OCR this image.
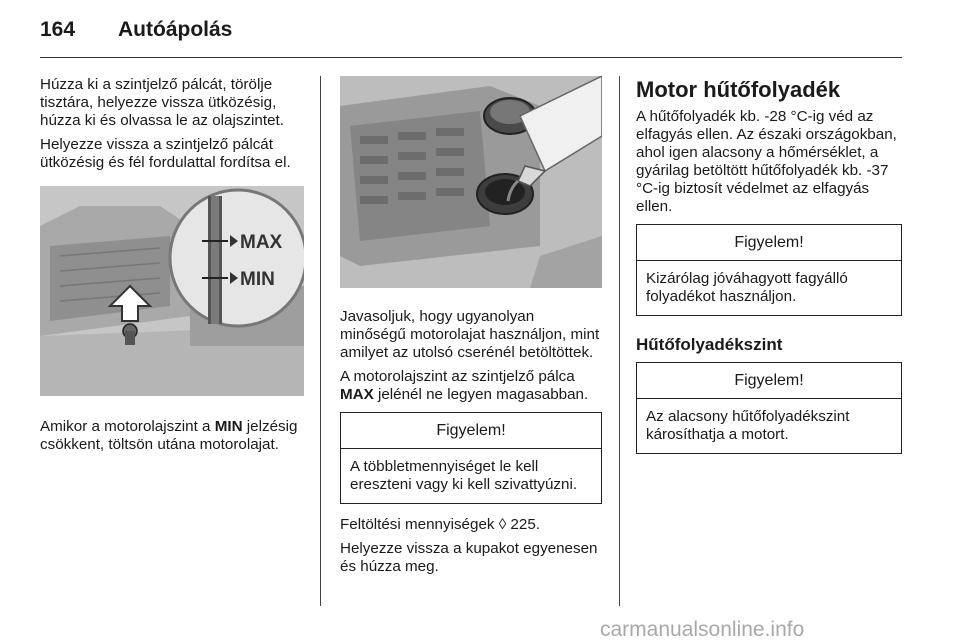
164 Autóápolás

Húzza ki a szintjelző pálcát, törölje tisztára, helyezze vissza ütközésig, húzza ki és olvassa le az olajszintet.

Helyezze vissza a szintjelző pálcát ütközésig és fél fordulattal fordítsa el.

MAX
MIN

Amikor a motorolajszint a MIN jelzésig csökkent, töltsön utána motorolajat.

Javasoljuk, hogy ugyanolyan minőségű motorolajat használjon, mint amilyet az utolsó cserénél betöltöttek.

A motorolajszint az szintjelző pálca MAX jelénél ne legyen magasabban.

Figyelem!
A többletmennyiséget le kell ereszteni vagy ki kell szivattyúzni.

Feltöltési mennyiségek ◊ 225.

Helyezze vissza a kupakot egyenesen és húzza meg.

Motor hűtőfolyadék

A hűtőfolyadék kb. -28 °C-ig véd az elfagyás ellen. Az északi országokban, ahol igen alacsony a hőmérséklet, a gyárilag betöltött hűtőfolyadék kb. -37 °C-ig biztosít védelmet az elfagyás ellen.

Figyelem!
Kizárólag jóváhagyott fagyálló folyadékot használjon.
Hűtőfolyadékszint
Figyelem!
Az alacsony hűtőfolyadékszint károsíthatja a motort.
carmanualsonline.info
